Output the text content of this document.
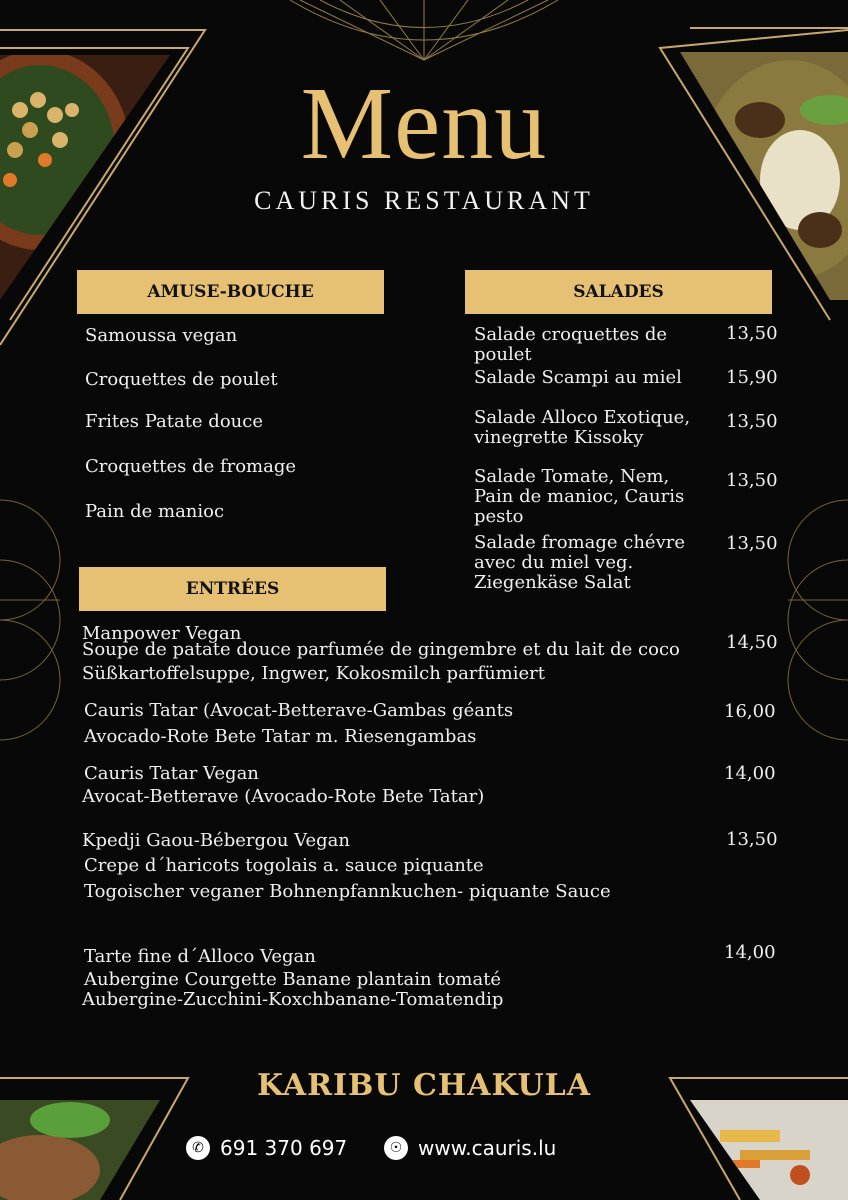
Menu
CAURIS RESTAURANT
AMUSE-BOUCHE
Samoussa vegan
Croquettes de poulet
Frites Patate douce
Croquettes de fromage
Pain de manioc
SALADES
Salade croquettes de
poulet
13,50
Salade Scampi au miel 15,90
Salade Alloco Exotique,
vinegrette Kissoky
13,50
Salade Tomate, Nem,
Pain de manioc, Cauris
pesto
13,50
Salade fromage chévre
avec du miel veg.
Ziegenkäse Salat
13,50
ENTRÉES
Manpower Vegan
Soupe de patate douce parfumée de gingembre et du lait de coco
Süßkartoffelsuppe, Ingwer, Kokosmilch parfümiert
14,50
Cauris Tatar (Avocat-Betterave-Gambas géants
Avocado-Rote Bete Tatar m. Riesengambas
16,00
Cauris Tatar Vegan
Avocat-Betterave (Avocado-Rote Bete Tatar)
14,00
Kpedji Gaou-Bébergou Vegan
Crepe d´haricots togolais a. sauce piquante
Togoischer veganer Bohnenpfannkuchen- piquante Sauce
13,50
Tarte fine d´Alloco Vegan
Aubergine Courgette Banane plantain tomaté
Aubergine-Zucchini-Koxchbanane-Tomatendip
14,00
KARIBU CHAKULA
✆ 691 370 697	☉ www.cauris.lu
